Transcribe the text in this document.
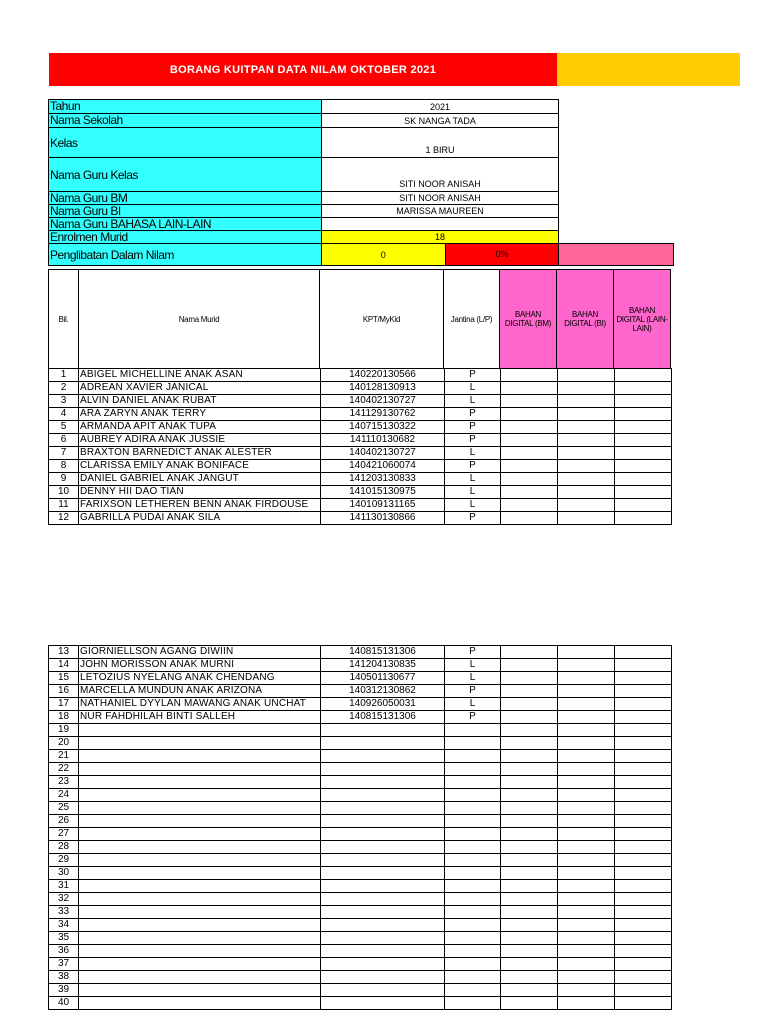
BORANG KUITPAN DATA NILAM OKTOBER 2021
Tahun	2021		
Nama Sekolah	SK NANGA TADA		
Kelas	1 BIRU		
Nama Guru Kelas	SITI NOOR ANISAH		
Nama Guru BM	SITI NOOR ANISAH		
Nama Guru BI	MARISSA MAUREEN		
Nama Guru BAHASA LAIN-LAIN			
Enrolmen Murid	18		
Penglibatan Dalam Nilam	0	0%	

Bil.	Nama Murid	KPT/MyKid	Jantina (L/P)	BAHAN DIGITAL (BM)	BAHAN DIGITAL (BI)	BAHAN DIGITAL (LAIN-LAIN)
1	ABIGEL MICHELLINE ANAK ASAN	140220130566	P			
2	ADREAN XAVIER JANICAL	140128130913	L			
3	ALVIN DANIEL ANAK RUBAT	140402130727	L			
4	ARA ZARYN ANAK TERRY	141129130762	P			
5	ARMANDA APIT ANAK TUPA	140715130322	P			
6	AUBREY ADIRA ANAK JUSSIE	141110130682	P			
7	BRAXTON BARNEDICT ANAK ALESTER	140402130727	L			
8	CLARISSA EMILY ANAK BONIFACE	140421060074	P			
9	DANIEL GABRIEL ANAK JANGUT	141203130833	L			
10	DENNY HII DAO TIAN	141015130975	L			
11	FARIXSON LETHEREN BENN ANAK FIRDOUSE	140109131165	L			
12	GABRILLA PUDAI ANAK SILA	141130130866	P			
13	GIORNIELLSON AGANG DIWIIN	140815131306	P			
14	JOHN MORISSON ANAK MURNI	141204130835	L			
15	LETOZIUS NYELANG ANAK CHENDANG	140501130677	L			
16	MARCELLA MUNDUN ANAK ARIZONA	140312130862	P			
17	NATHANIEL DYYLAN MAWANG ANAK UNCHAT	140926050031	L			
18	NUR FAHDHILAH BINTI SALLEH	140815131306	P			
19						
20						
21						
22						
23						
24						
25						
26						
27						
28						
29						
30						
31						
32						
33						
34						
35						
36						
37						
38						
39						
40						
